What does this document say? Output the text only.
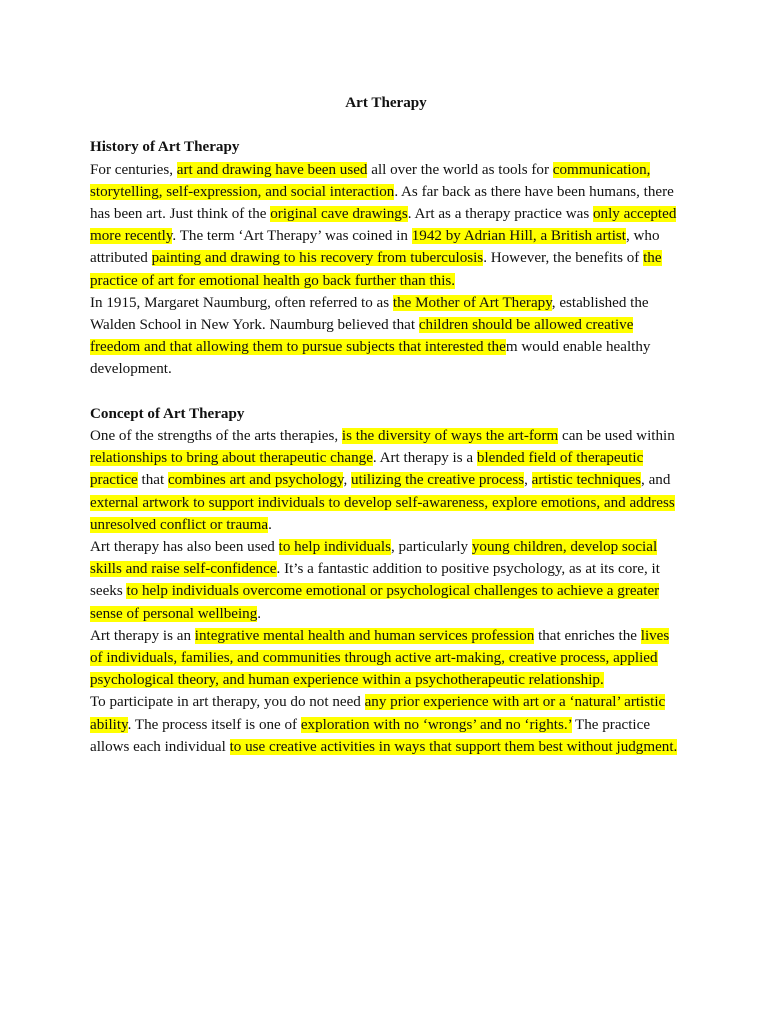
Art Therapy

History of Art Therapy

For centuries, art and drawing have been used all over the world as tools for communication, storytelling, self-expression, and social interaction. As far back as there have been humans, there has been art. Just think of the original cave drawings. Art as a therapy practice was only accepted more recently. The term ‘Art Therapy’ was coined in 1942 by Adrian Hill, a British artist, who attributed painting and drawing to his recovery from tuberculosis. However, the benefits of the practice of art for emotional health go back further than this.

In 1915, Margaret Naumburg, often referred to as the Mother of Art Therapy, established the Walden School in New York. Naumburg believed that children should be allowed creative freedom and that allowing them to pursue subjects that interested them would enable healthy development.

Concept of Art Therapy

One of the strengths of the arts therapies, is the diversity of ways the art-form can be used within relationships to bring about therapeutic change. Art therapy is a blended field of therapeutic practice that combines art and psychology, utilizing the creative process, artistic techniques, and external artwork to support individuals to develop self-awareness, explore emotions, and address unresolved conflict or trauma.

Art therapy has also been used to help individuals, particularly young children, develop social skills and raise self-confidence. It’s a fantastic addition to positive psychology, as at its core, it seeks to help individuals overcome emotional or psychological challenges to achieve a greater sense of personal wellbeing.

Art therapy is an integrative mental health and human services profession that enriches the lives of individuals, families, and communities through active art-making, creative process, applied psychological theory, and human experience within a psychotherapeutic relationship.

To participate in art therapy, you do not need any prior experience with art or a ‘natural’ artistic ability. The process itself is one of exploration with no ‘wrongs’ and no ‘rights.’ The practice allows each individual to use creative activities in ways that support them best without judgment.
